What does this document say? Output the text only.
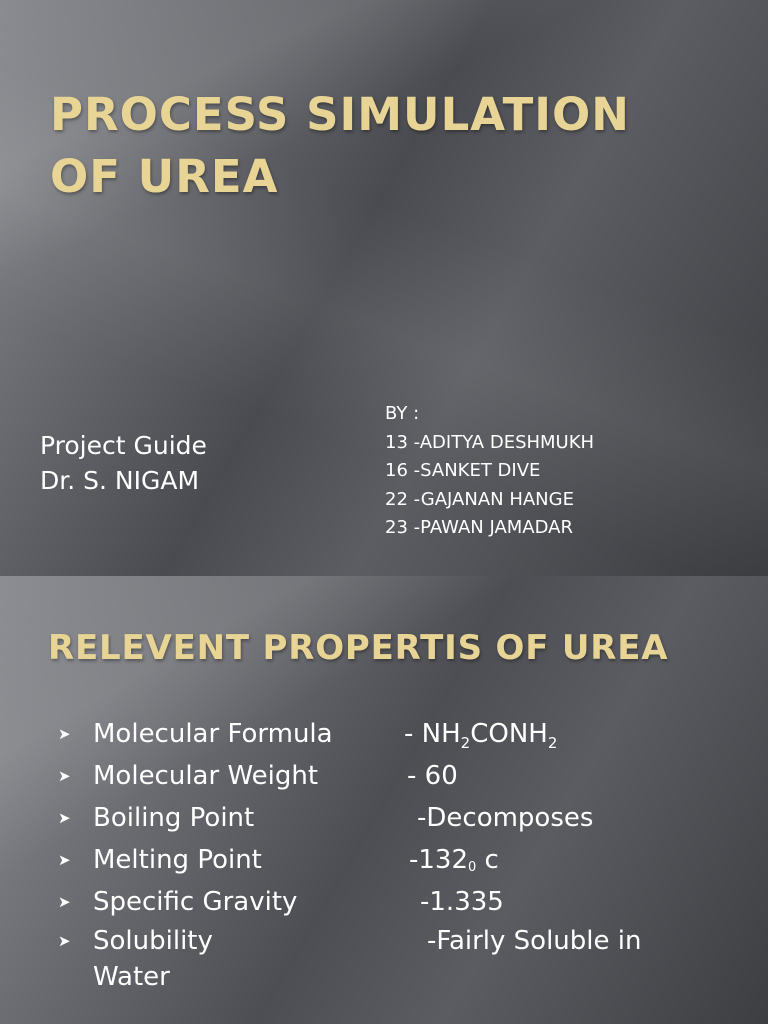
PROCESS SIMULATION
OF UREA
Project Guide
Dr. S. NIGAM
BY :
13 -ADITYA DESHMUKH
16 -SANKET DIVE
22 -GAJANAN HANGE
23 -PAWAN JAMADAR
RELEVENT PROPERTIS OF UREA
➤ Molecular Formula	- $NH_2CONH_2$
➤ Molecular Weight	- 60
➤ Boiling Point	-Decomposes
➤ Melting Point	$-132^0$ c
➤ Specific Gravity	-1.335
➤ Solubility	-Fairly Soluble in
Water
